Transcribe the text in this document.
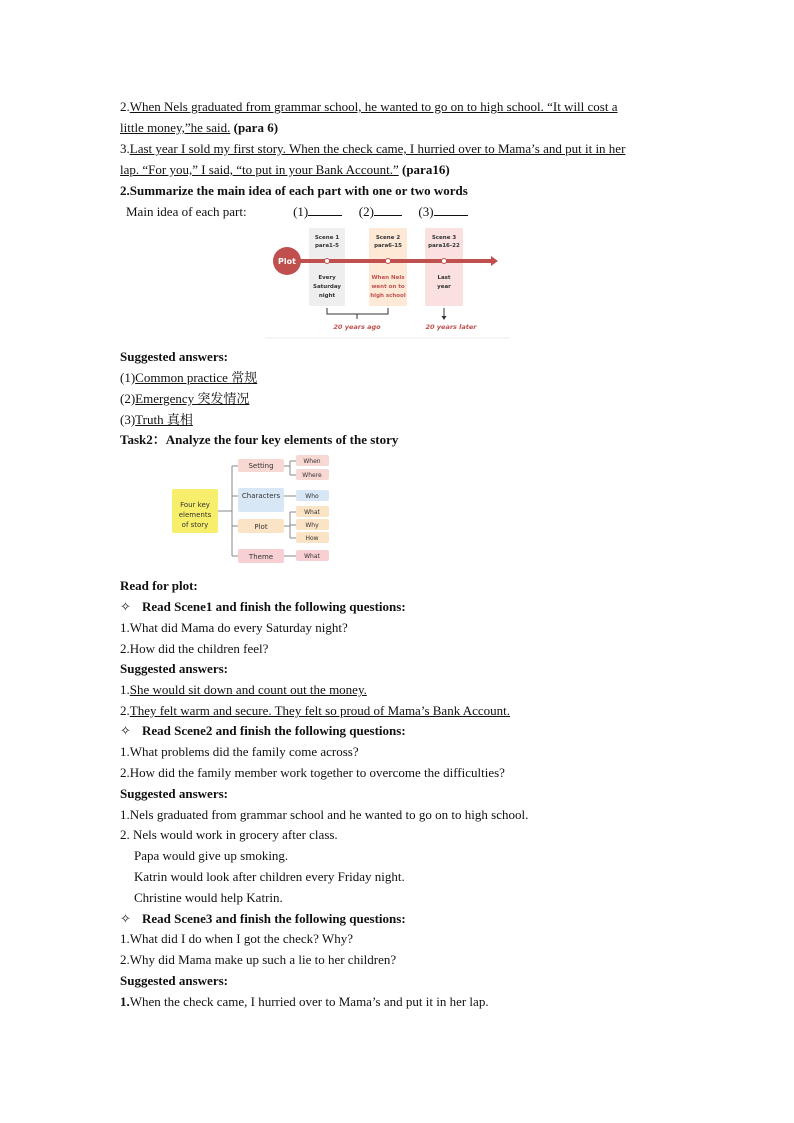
2.When Nels graduated from grammar school, he wanted to go on to high school. “It will cost a
little money,”he said. (para 6)
3.Last year I sold my first story. When the check came, I hurried over to Mama’s and put it in her
lap. “For you,” I said, “to put in your Bank Account.” (para16)
2.Summarize the main idea of each part with one or two words
Main idea of each part:	(1)	(2)	(3)
Plot
Scene 1
para1-5
Every
Saturday
night
Scene 2
para6-15
When Nels
went on to
high school
Scene 3
para16-22
Last
year
20 years ago	20 years later
Suggested answers:
(1)Common practice 常规
(2)Emergency 突发情况
(3)Truth 真相
Task2：Analyze the four key elements of the story
Four key
elements
of story
Setting
When
Where
Characters	Who
Plot
What
Why
How
Theme	What
Read for plot:
✧ Read Scene1 and finish the following questions:
1.What did Mama do every Saturday night?
2.How did the children feel?
Suggested answers:
1.She would sit down and count out the money.
2.They felt warm and secure. They felt so proud of Mama’s Bank Account.
✧ Read Scene2 and finish the following questions:
1.What problems did the family come across?
2.How did the family member work together to overcome the difficulties?
Suggested answers:
1.Nels graduated from grammar school and he wanted to go on to high school.
2. Nels would work in grocery after class.
Papa would give up smoking.
Katrin would look after children every Friday night.
Christine would help Katrin.
✧ Read Scene3 and finish the following questions:
1.What did I do when I got the check? Why?
2.Why did Mama make up such a lie to her children?
Suggested answers:
1.When the check came, I hurried over to Mama’s and put it in her lap.
